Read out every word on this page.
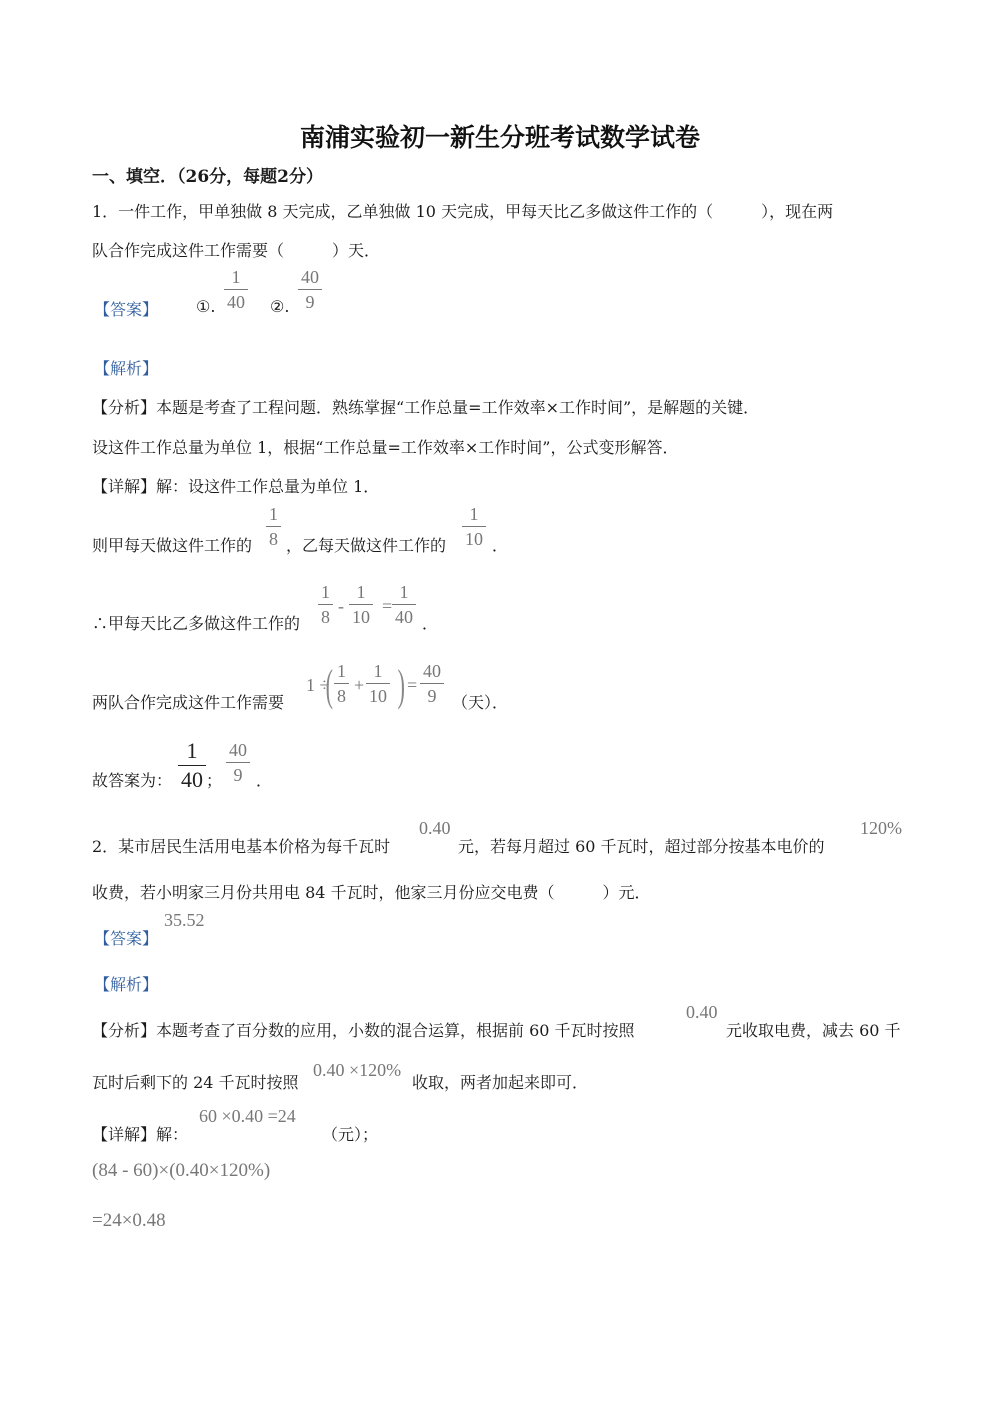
南浦实验初一新生分班考试数学试卷
一、填空．（26分，每题2分）
1．一件工作，甲单独做 8 天完成，乙单独做 10 天完成，甲每天比乙多做这件工作的（　　　），现在两
队合作完成这件工作需要（　　　）天．
【答案】 ①.
1
40 ②.
40
9
【解析】
【分析】本题是考查了工程问题．熟练掌握“工作总量=工作效率×工作时间”，是解题的关键．
设这件工作总量为单位 1，根据“工作总量=工作效率×工作时间”，公式变形解答．
【详解】解：设这件工作总量为单位 1．
则甲每天做这件工作的
1
8 ，乙每天做这件工作的
1
10 ．
∴甲每天比乙多做这件工作的
1
8
-
1
10
=
1
40 ．
两队合作完成这件工作需要
1 ÷
( 1
8
+
1
10 ) =
40
9 （天）．
故答案为：
1
40 ；
40
9 ．
2．某市居民生活用电基本价格为每千瓦时
0.40
元，若每月超过 60 千瓦时，超过部分按基本电价的
120%
收费，若小明家三月份共用电 84 千瓦时，他家三月份应交电费（　　　）元．
【答案】
35.52
【解析】
【分析】本题考查了百分数的应用，小数的混合运算，根据前 60 千瓦时按照
0.40
元收取电费，减去 60 千
瓦时后剩下的 24 千瓦时按照
0.40 ×120%
收取，两者加起来即可．
【详解】解：
60 ×0.40 =24
（元）；
(84 - 60)×(0.40×120%)
=24×0.48
